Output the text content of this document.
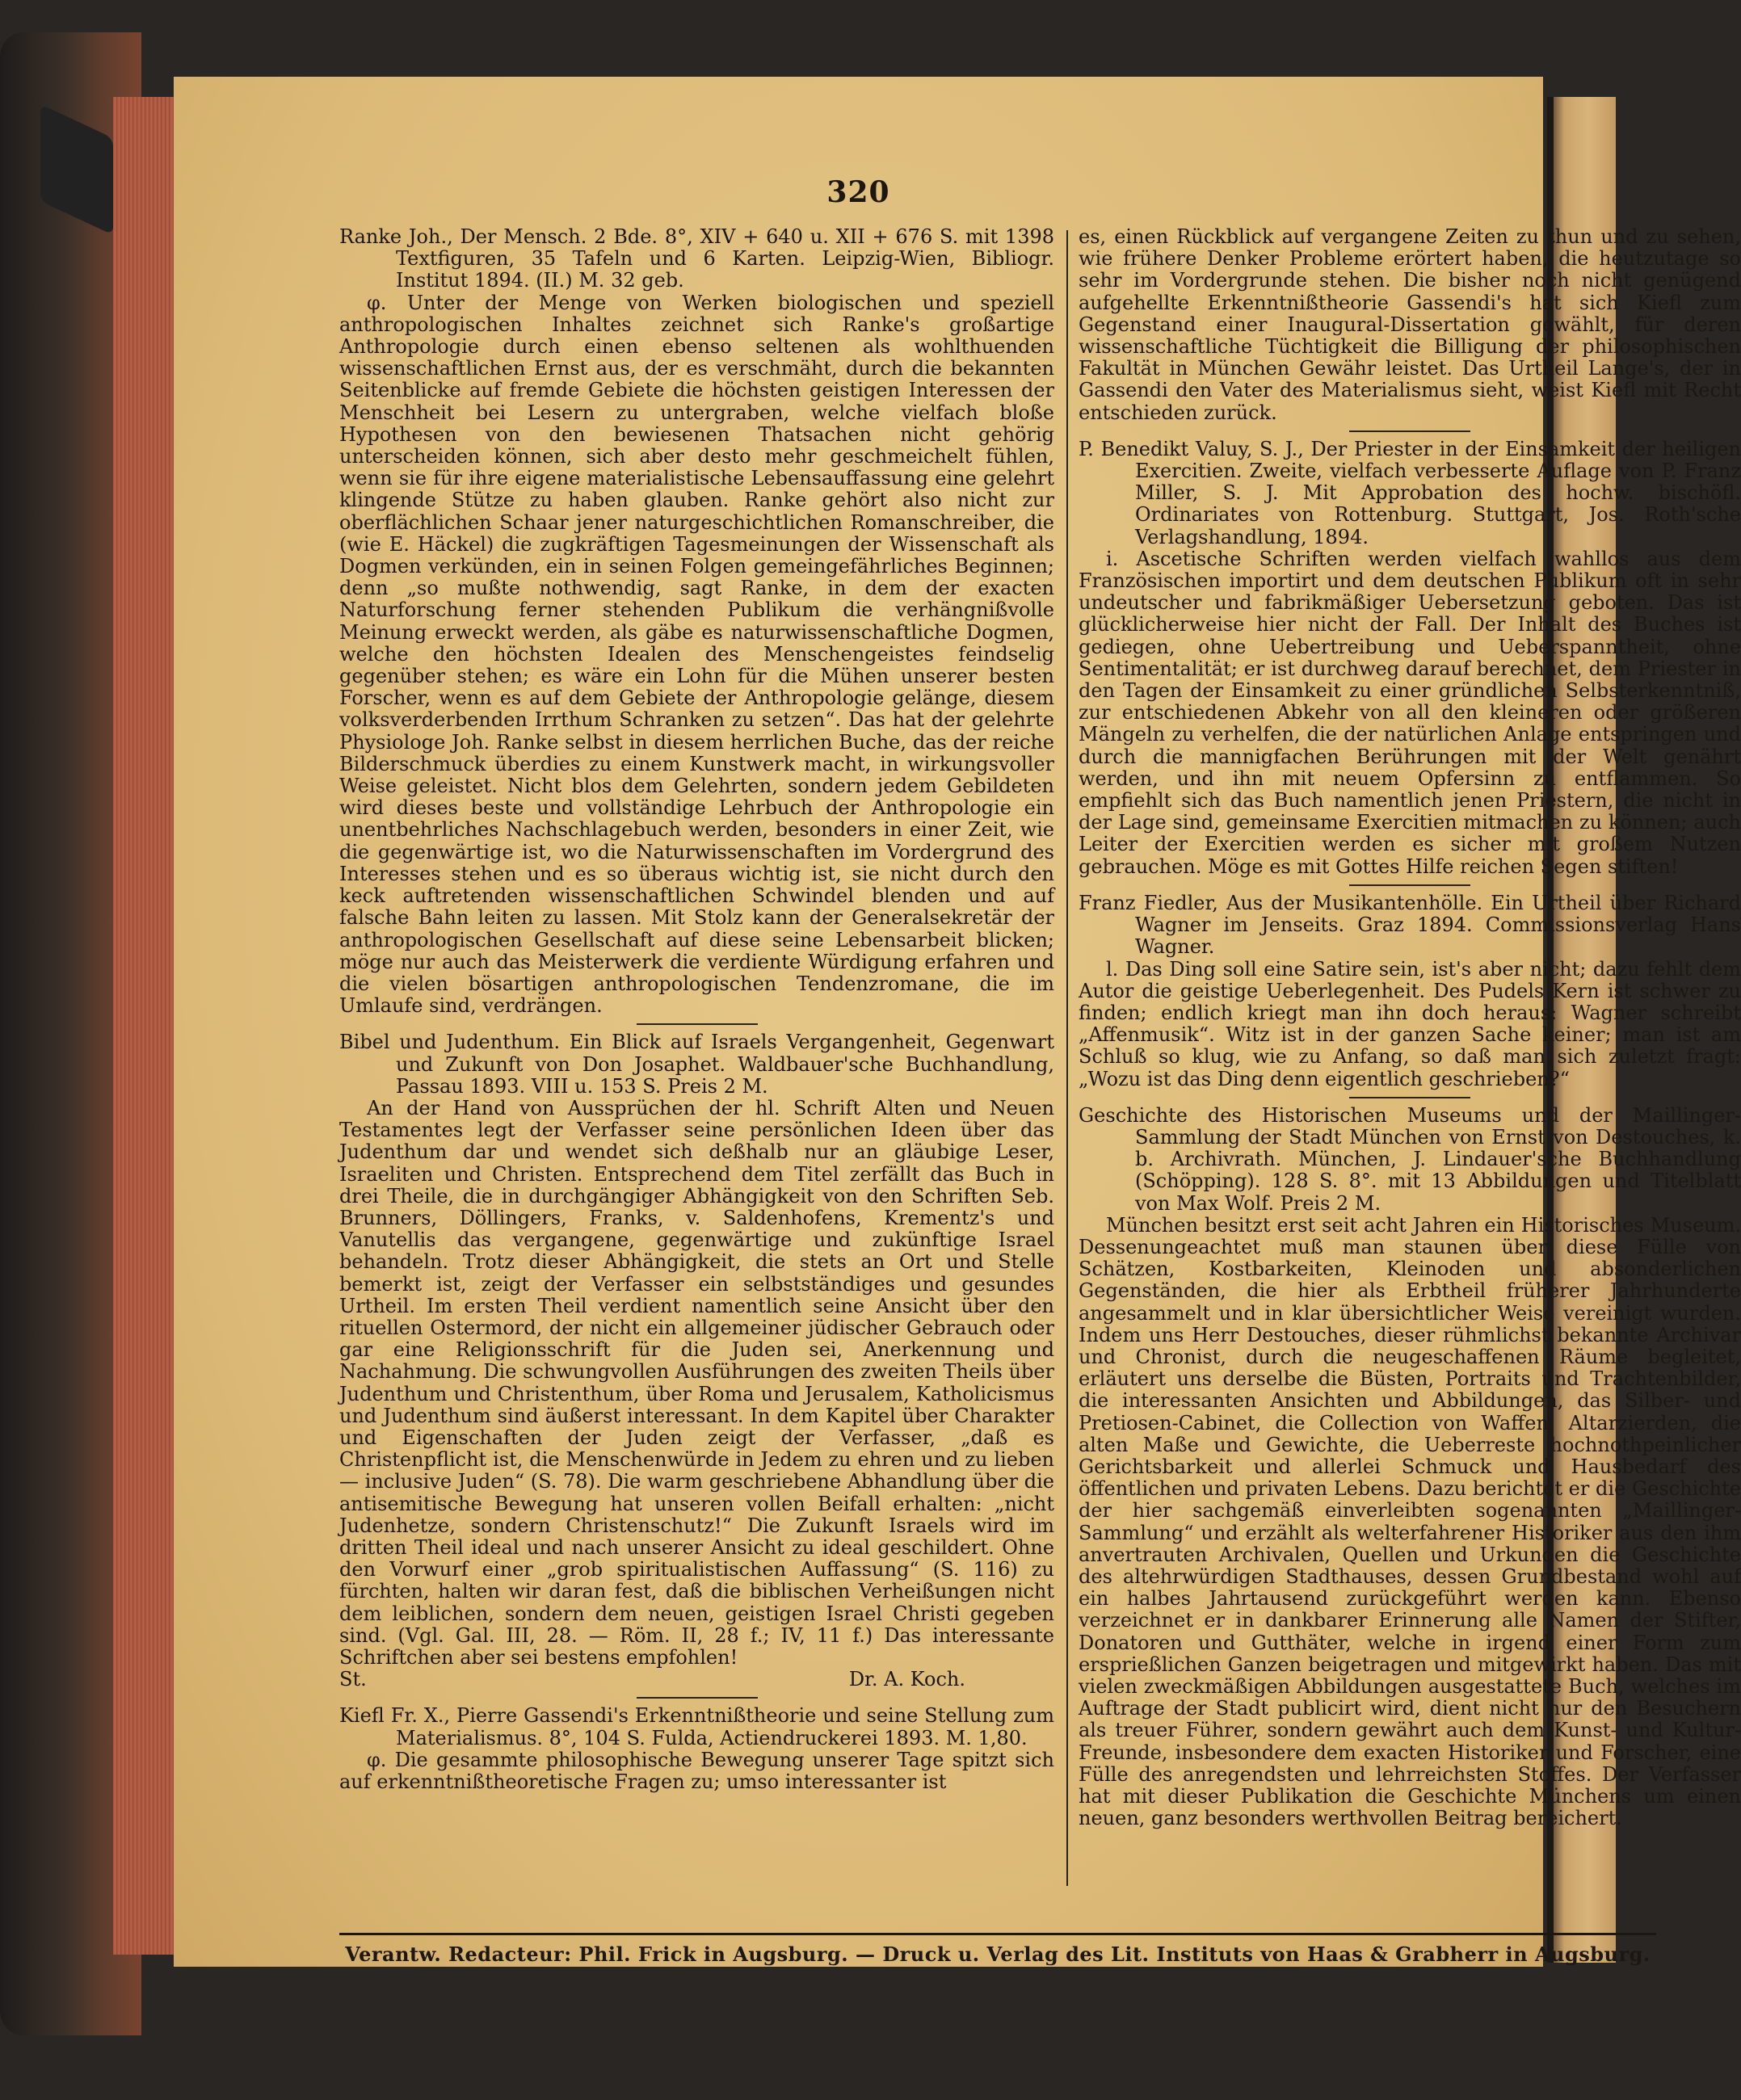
320

Ranke Joh., Der Mensch. 2 Bde. 8°, XIV + 640 u. XII + 676 S. mit 1398 Textfiguren, 35 Tafeln und 6 Karten. Leipzig-Wien, Bibliogr. Institut 1894. (II.) M. 32 geb.

φ. Unter der Menge von Werken biologischen und speziell anthropologischen Inhaltes zeichnet sich Ranke's großartige Anthropologie durch einen ebenso seltenen als wohlthuenden wissenschaftlichen Ernst aus, der es verschmäht, durch die bekannten Seitenblicke auf fremde Gebiete die höchsten geistigen Interessen der Menschheit bei Lesern zu untergraben, welche vielfach bloße Hypothesen von den bewiesenen Thatsachen nicht gehörig unterscheiden können, sich aber desto mehr geschmeichelt fühlen, wenn sie für ihre eigene materialistische Lebensauffassung eine gelehrt klingende Stütze zu haben glauben. Ranke gehört also nicht zur oberflächlichen Schaar jener naturgeschichtlichen Romanschreiber, die (wie E. Häckel) die zugkräftigen Tagesmeinungen der Wissenschaft als Dogmen verkünden, ein in seinen Folgen gemeingefährliches Beginnen; denn „so mußte nothwendig, sagt Ranke, in dem der exacten Naturforschung ferner stehenden Publikum die verhängnißvolle Meinung erweckt werden, als gäbe es naturwissenschaftliche Dogmen, welche den höchsten Idealen des Menschengeistes feindselig gegenüber stehen; es wäre ein Lohn für die Mühen unserer besten Forscher, wenn es auf dem Gebiete der Anthropologie gelänge, diesem volksverderbenden Irrthum Schranken zu setzen“. Das hat der gelehrte Physiologe Joh. Ranke selbst in diesem herrlichen Buche, das der reiche Bilderschmuck überdies zu einem Kunstwerk macht, in wirkungsvoller Weise geleistet. Nicht blos dem Gelehrten, sondern jedem Gebildeten wird dieses beste und vollständige Lehrbuch der Anthropologie ein unentbehrliches Nachschlagebuch werden, besonders in einer Zeit, wie die gegenwärtige ist, wo die Naturwissenschaften im Vordergrund des Interesses stehen und es so überaus wichtig ist, sie nicht durch den keck auftretenden wissenschaftlichen Schwindel blenden und auf falsche Bahn leiten zu lassen. Mit Stolz kann der Generalsekretär der anthropologischen Gesellschaft auf diese seine Lebensarbeit blicken; möge nur auch das Meisterwerk die verdiente Würdigung erfahren und die vielen bösartigen anthropologischen Tendenzromane, die im Umlaufe sind, verdrängen.

Bibel und Judenthum. Ein Blick auf Israels Vergangenheit, Gegenwart und Zukunft von Don Josaphet. Waldbauer'sche Buchhandlung, Passau 1893. VIII u. 153 S. Preis 2 M.

An der Hand von Aussprüchen der hl. Schrift Alten und Neuen Testamentes legt der Verfasser seine persönlichen Ideen über das Judenthum dar und wendet sich deßhalb nur an gläubige Leser, Israeliten und Christen. Entsprechend dem Titel zerfällt das Buch in drei Theile, die in durchgängiger Abhängigkeit von den Schriften Seb. Brunners, Döllingers, Franks, v. Saldenhofens, Krementz's und Vanutellis das vergangene, gegenwärtige und zukünftige Israel behandeln. Trotz dieser Abhängigkeit, die stets an Ort und Stelle bemerkt ist, zeigt der Verfasser ein selbstständiges und gesundes Urtheil. Im ersten Theil verdient namentlich seine Ansicht über den rituellen Ostermord, der nicht ein allgemeiner jüdischer Gebrauch oder gar eine Religionsschrift für die Juden sei, Anerkennung und Nachahmung. Die schwungvollen Ausführungen des zweiten Theils über Judenthum und Christenthum, über Roma und Jerusalem, Katholicismus und Judenthum sind äußerst interessant. In dem Kapitel über Charakter und Eigenschaften der Juden zeigt der Verfasser, „daß es Christenpflicht ist, die Menschenwürde in Jedem zu ehren und zu lieben — inclusive Juden“ (S. 78). Die warm geschriebene Abhandlung über die antisemitische Bewegung hat unseren vollen Beifall erhalten: „nicht Judenhetze, sondern Christenschutz!“ Die Zukunft Israels wird im dritten Theil ideal und nach unserer Ansicht zu ideal geschildert. Ohne den Vorwurf einer „grob spiritualistischen Auffassung“ (S. 116) zu fürchten, halten wir daran fest, daß die biblischen Verheißungen nicht dem leiblichen, sondern dem neuen, geistigen Israel Christi gegeben sind. (Vgl. Gal. III, 28. — Röm. II, 28 f.; IV, 11 f.) Das interessante Schriftchen aber sei bestens empfohlen!

St.	Dr. A. Koch.

Kiefl Fr. X., Pierre Gassendi's Erkenntnißtheorie und seine Stellung zum Materialismus. 8°, 104 S. Fulda, Actiendruckerei 1893. M. 1,80.

φ. Die gesammte philosophische Bewegung unserer Tage spitzt sich auf erkenntnißtheoretische Fragen zu; umso interessanter ist

es, einen Rückblick auf vergangene Zeiten zu thun und zu sehen, wie frühere Denker Probleme erörtert haben, die heutzutage so sehr im Vordergrunde stehen. Die bisher noch nicht genügend aufgehellte Erkenntnißtheorie Gassendi's hat sich Kiefl zum Gegenstand einer Inaugural-Dissertation gewählt, für deren wissenschaftliche Tüchtigkeit die Billigung der philosophischen Fakultät in München Gewähr leistet. Das Urtheil Lange's, der in Gassendi den Vater des Materialismus sieht, weist Kiefl mit Recht entschieden zurück.

P. Benedikt Valuy, S. J., Der Priester in der Einsamkeit der heiligen Exercitien. Zweite, vielfach verbesserte Auflage von P. Franz Miller, S. J. Mit Approbation des hochw. bischöfl. Ordinariates von Rottenburg. Stuttgart, Jos. Roth'sche Verlagshandlung, 1894.

i. Ascetische Schriften werden vielfach wahllos aus dem Französischen importirt und dem deutschen Publikum oft in sehr undeutscher und fabrikmäßiger Uebersetzung geboten. Das ist glücklicherweise hier nicht der Fall. Der Inhalt des Buches ist gediegen, ohne Uebertreibung und Ueberspanntheit, ohne Sentimentalität; er ist durchweg darauf berechnet, dem Priester in den Tagen der Einsamkeit zu einer gründlichen Selbsterkenntniß, zur entschiedenen Abkehr von all den kleineren oder größeren Mängeln zu verhelfen, die der natürlichen Anlage entspringen und durch die mannigfachen Berührungen mit der Welt genährt werden, und ihn mit neuem Opfersinn zu entflammen. So empfiehlt sich das Buch namentlich jenen Priestern, die nicht in der Lage sind, gemeinsame Exercitien mitmachen zu können; auch Leiter der Exercitien werden es sicher mit großem Nutzen gebrauchen. Möge es mit Gottes Hilfe reichen Segen stiften!

Franz Fiedler, Aus der Musikantenhölle. Ein Urtheil über Richard Wagner im Jenseits. Graz 1894. Commissionsverlag Hans Wagner.

l. Das Ding soll eine Satire sein, ist's aber nicht; dazu fehlt dem Autor die geistige Ueberlegenheit. Des Pudels Kern ist schwer zu finden; endlich kriegt man ihn doch heraus: Wagner schreibt „Affenmusik“. Witz ist in der ganzen Sache keiner; man ist am Schluß so klug, wie zu Anfang, so daß man sich zuletzt fragt: „Wozu ist das Ding denn eigentlich geschrieben?“

Geschichte des Historischen Museums und der Maillinger-Sammlung der Stadt München von Ernst von Destouches, k. b. Archivrath. München, J. Lindauer'sche Buchhandlung (Schöpping). 128 S. 8°. mit 13 Abbildungen und Titelblatt von Max Wolf. Preis 2 M.

München besitzt erst seit acht Jahren ein Historisches Museum. Dessenungeachtet muß man staunen über diese Fülle von Schätzen, Kostbarkeiten, Kleinoden und absonderlichen Gegenständen, die hier als Erbtheil früherer Jahrhunderte angesammelt und in klar übersichtlicher Weise vereinigt wurden. Indem uns Herr Destouches, dieser rühmlichst bekannte Archivar und Chronist, durch die neugeschaffenen Räume begleitet, erläutert uns derselbe die Büsten, Portraits und Trachtenbilder, die interessanten Ansichten und Abbildungen, das Silber- und Pretiosen-Cabinet, die Collection von Waffen, Altarzierden, die alten Maße und Gewichte, die Ueberreste hochnothpeinlicher Gerichtsbarkeit und allerlei Schmuck und Hausbedarf des öffentlichen und privaten Lebens. Dazu berichtet er die Geschichte der hier sachgemäß einverleibten sogenannten „Maillinger-Sammlung“ und erzählt als welterfahrener Historiker aus den ihm anvertrauten Archivalen, Quellen und Urkunden die Geschichte des altehrwürdigen Stadthauses, dessen Grundbestand wohl auf ein halbes Jahrtausend zurückgeführt werden kann. Ebenso verzeichnet er in dankbarer Erinnerung alle Namen der Stifter, Donatoren und Gutthäter, welche in irgend einer Form zum ersprießlichen Ganzen beigetragen und mitgewirkt haben. Das mit vielen zweckmäßigen Abbildungen ausgestattete Buch, welches im Auftrage der Stadt publicirt wird, dient nicht nur den Besuchern als treuer Führer, sondern gewährt auch dem Kunst- und Kultur-Freunde, insbesondere dem exacten Historiker und Forscher, eine Fülle des anregendsten und lehrreichsten Stoffes. Der Verfasser hat mit dieser Publikation die Geschichte Münchens um einen neuen, ganz besonders werthvollen Beitrag bereichert.

Verantw. Redacteur: Phil. Frick in Augsburg. — Druck u. Verlag des Lit. Instituts von Haas & Grabherr in Augsburg.
